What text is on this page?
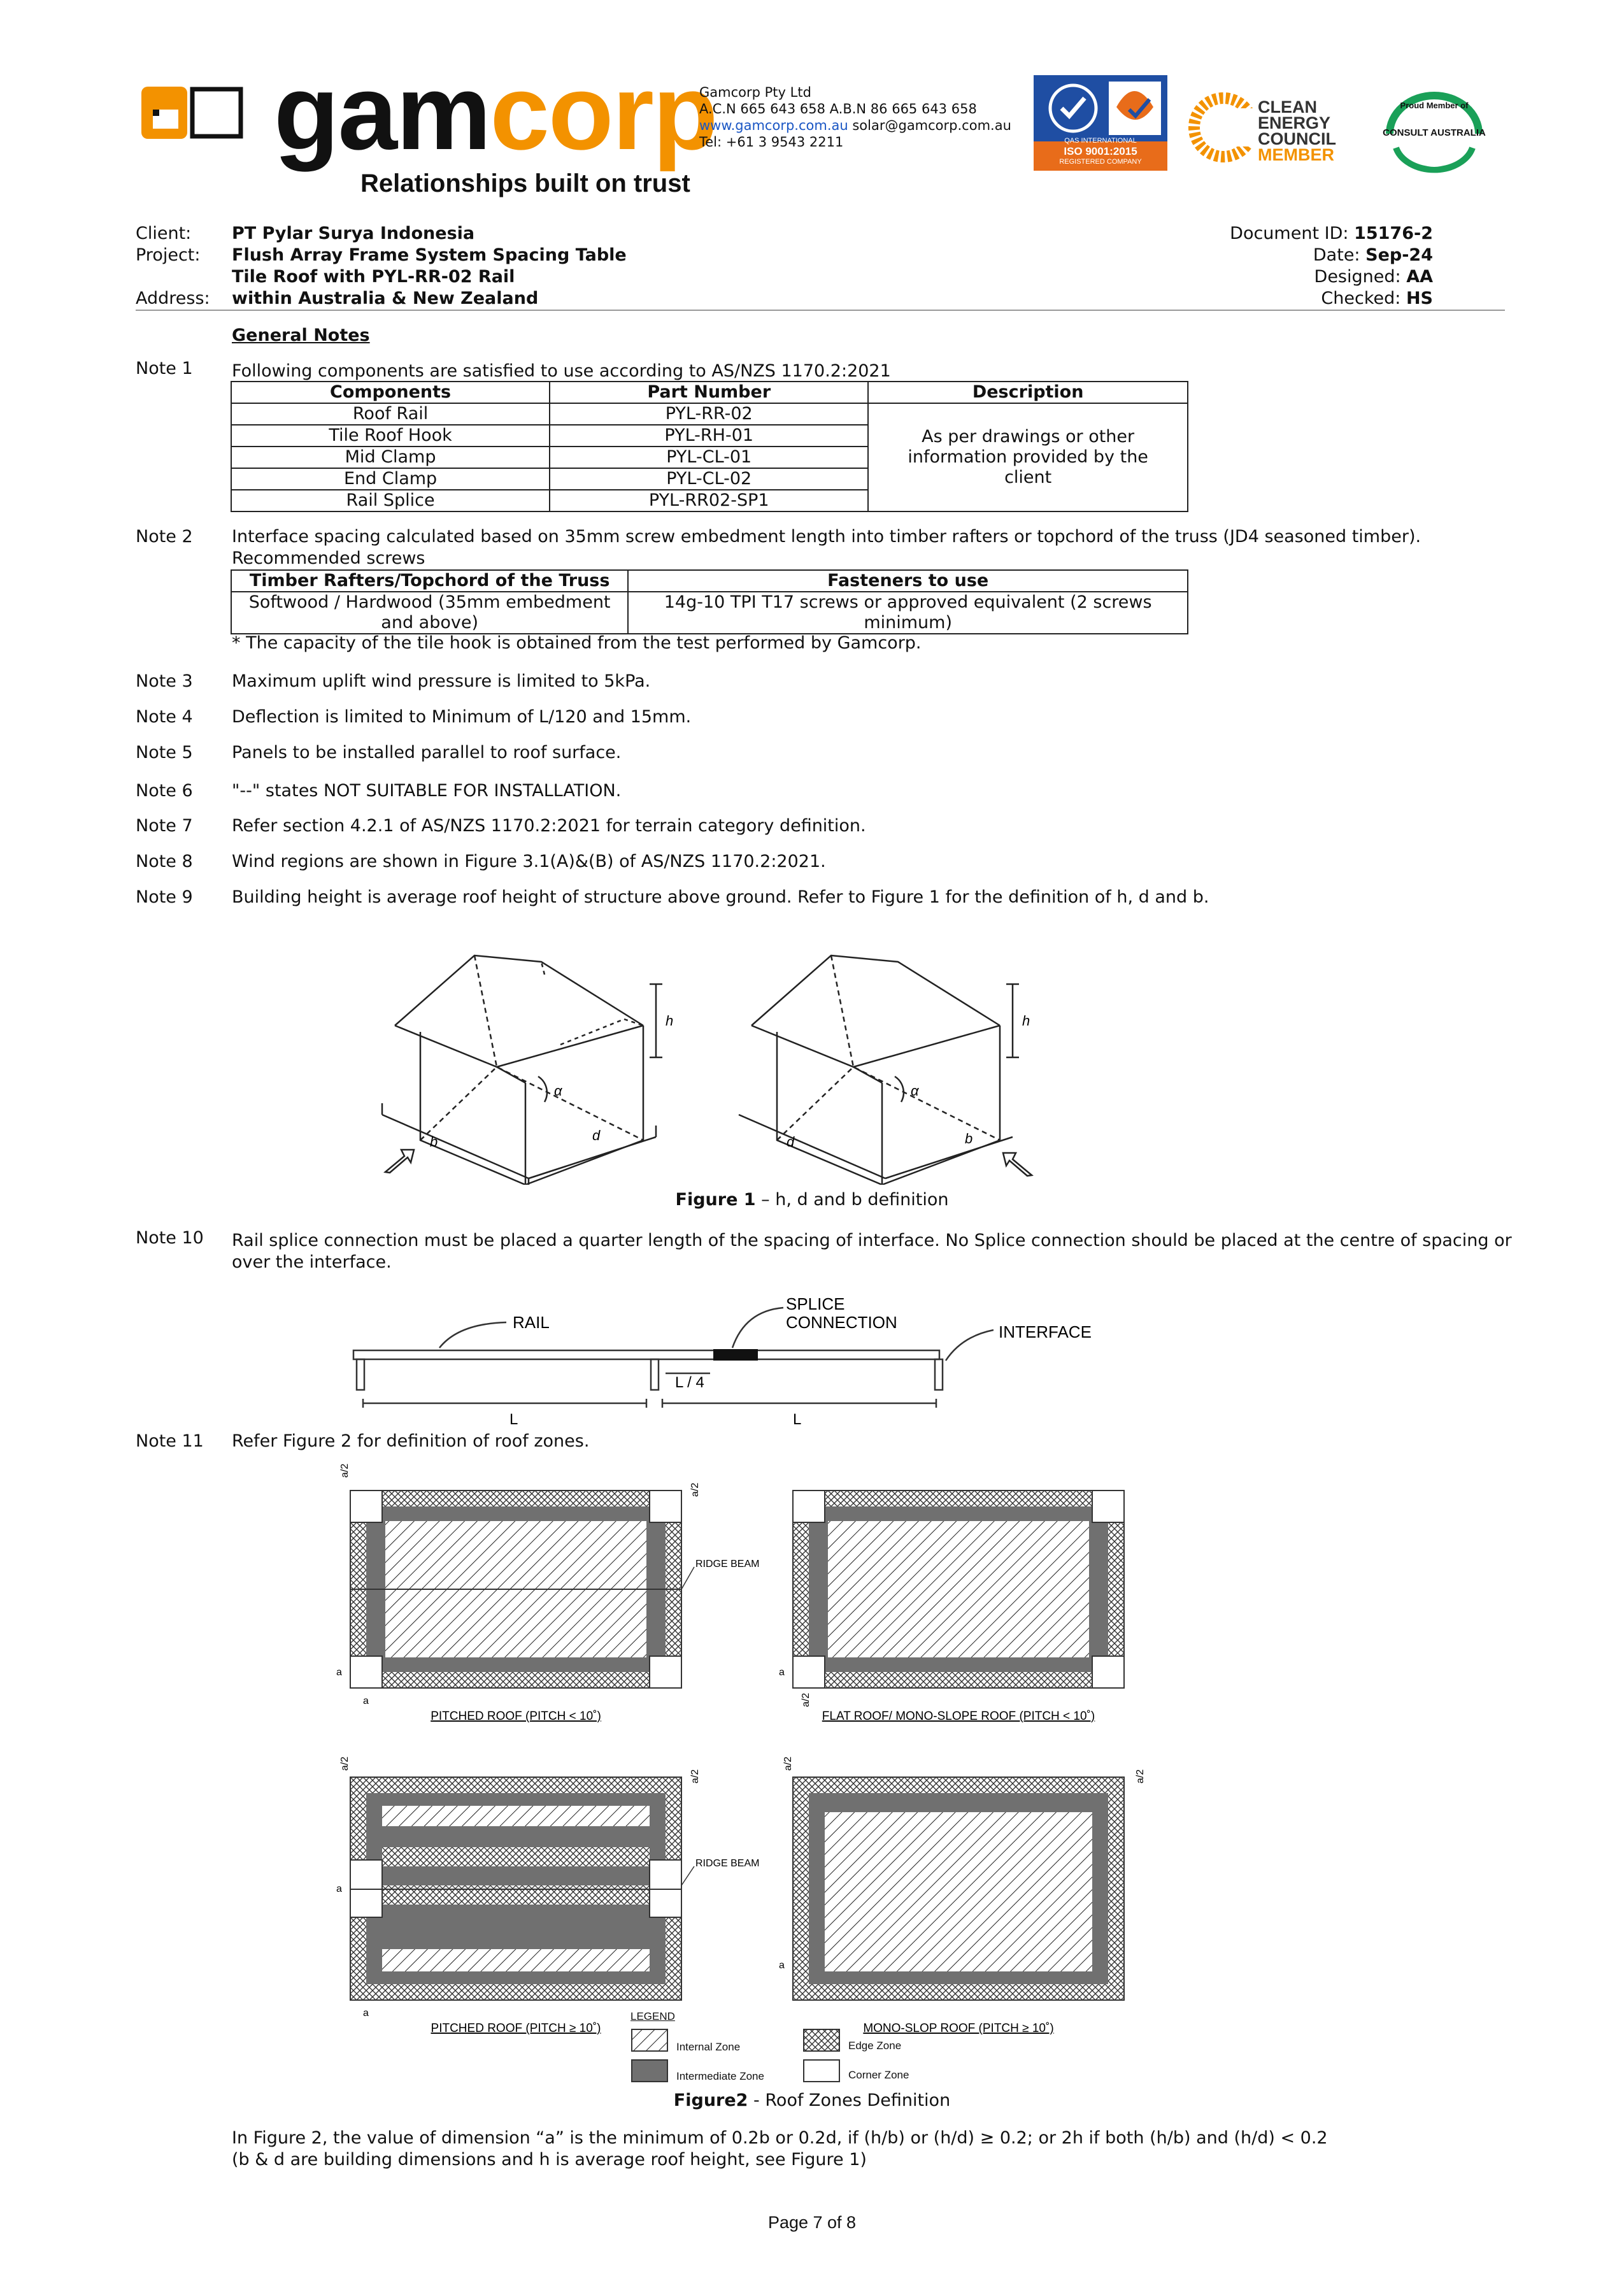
gamcorp
Relationships built on trust
Gamcorp Pty Ltd
A.C.N 665 643 658 A.B.N 86 665 643 658
www.gamcorp.com.au solar@gamcorp.com.au
Tel: +61 3 9543 2211	QAS INTERNATIONAL
ISO 9001:2015
REGISTERED COMPANY
CLEAN
ENERGY
COUNCIL
MEMBER
Proud Member of
CONSULT AUSTRALIA
Client:
Project:

Address:
PT Pylar Surya Indonesia
Flush Array Frame System Spacing Table
Tile Roof with PYL-RR-02 Rail
within Australia & New Zealand
Document ID: 15176-2
Date: Sep-24
Designed: AA
Checked: HS
General Notes
Note 1 Following components are satisfied to use according to AS/NZS 1170.2:2021
Components	Part Number	Description
Roof Rail	PYL-RR-02	As per drawings or other information provided by the client
Tile Roof Hook	PYL-RH-01	
Mid Clamp	PYL-CL-01	
End Clamp	PYL-CL-02	
Rail Splice	PYL-RR02-SP1	
Note 2 Interface spacing calculated based on 35mm screw embedment length into timber rafters or topchord of the truss (JD4 seasoned timber).
Recommended screws
Timber Rafters/Topchord of the Truss	Fasteners to use
Softwood / Hardwood (35mm embedment and above)	14g-10 TPI T17 screws or approved equivalent (2 screws minimum)
* The capacity of the tile hook is obtained from the test performed by Gamcorp.
Note 3 Maximum uplift wind pressure is limited to 5kPa.
Note 4 Deflection is limited to Minimum of L/120 and 15mm.
Note 5 Panels to be installed parallel to roof surface.
Note 6 "--" states NOT SUITABLE FOR INSTALLATION.
Note 7 Refer section 4.2.1 of AS/NZS 1170.2:2021 for terrain category definition.
Note 8 Wind regions are shown in Figure 3.1(A)&(B) of AS/NZS 1170.2:2021.
Note 9 Building height is average roof height of structure above ground. Refer to Figure 1 for the definition of h, d and b.
h
α
b	d
h
α
d	b
Figure 1 – h, d and b definition
Note 10 Rail splice connection must be placed a quarter length of the spacing of interface. No Splice connection should be placed at the centre of spacing or
over the interface.
RAIL
SPLICE
CONNECTION	INTERFACE
L / 4
L	L
Note 11 Refer Figure 2 for definition of roof zones.
RIDGE BEAM
a/2
a/2
a
a
PITCHED ROOF (PITCH < 10˚)
a
a/2
FLAT ROOF/ MONO-SLOPE ROOF (PITCH < 10˚)
RIDGE BEAM
a/2
a/2
a
a
PITCHED ROOF (PITCH ≥ 10˚)
a/2
a/2
a
MONO-SLOP ROOF (PITCH ≥ 10˚)
LEGEND
Internal Zone
Intermediate Zone
Edge Zone
Corner Zone
Figure2 - Roof Zones Definition
In Figure 2, the value of dimension “a” is the minimum of 0.2b or 0.2d, if (h/b) or (h/d) ≥ 0.2; or 2h if both (h/b) and (h/d) < 0.2
(b & d are building dimensions and h is average roof height, see Figure 1)
Page 7 of 8
